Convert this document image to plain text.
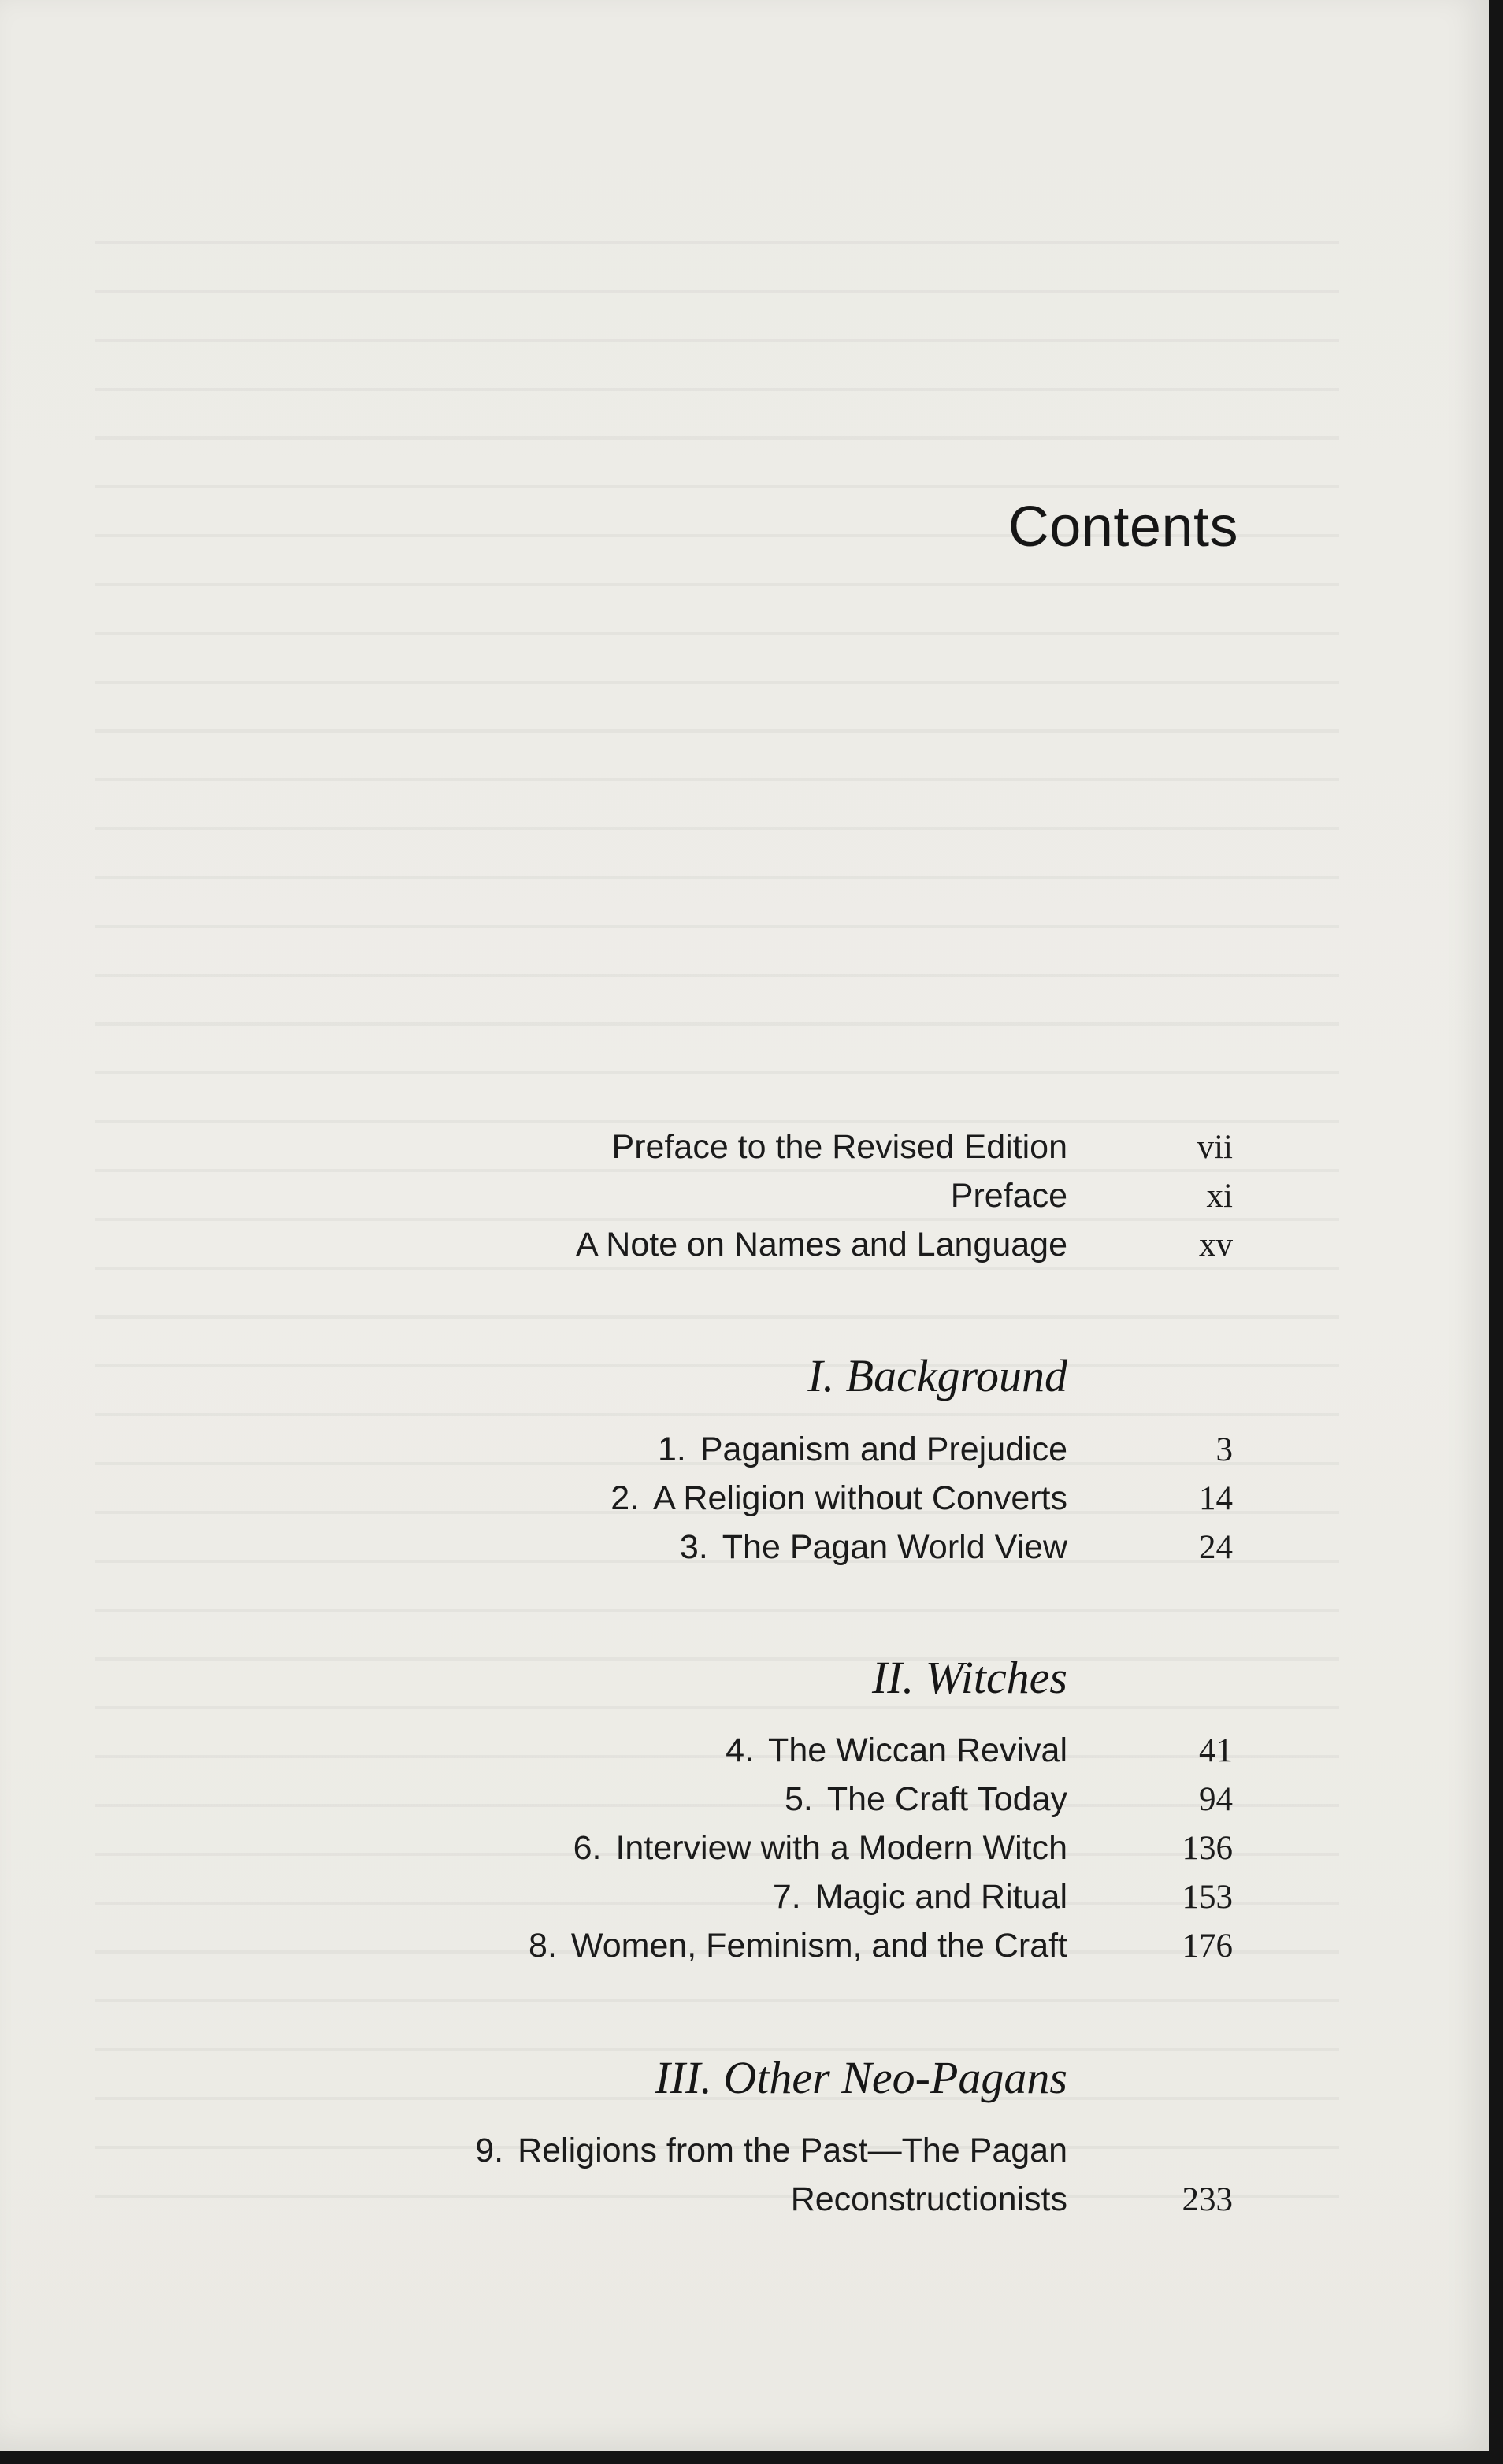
Contents
Preface to the Revised Edition	vii
Preface	xi
A Note on Names and Language	xv
I. Background
1. Paganism and Prejudice	3
2. A Religion without Converts	14
3. The Pagan World View	24
II. Witches
4. The Wiccan Revival	41
5. The Craft Today	94
6. Interview with a Modern Witch	136
7. Magic and Ritual	153
8. Women, Feminism, and the Craft	176
III. Other Neo-Pagans
9. Religions from the Past—The Pagan
Reconstructionists	233
